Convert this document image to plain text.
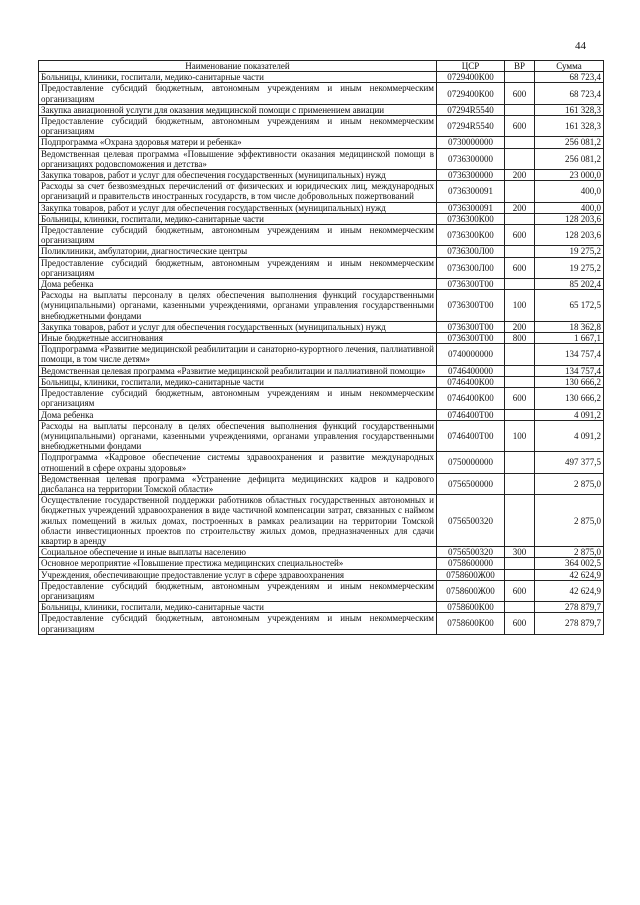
44
Наименование показателей	ЦСР	ВР	Сумма
Больницы, клиники, госпитали, медико-санитарные части	0729400К00		68 723,4
Предоставление субсидий бюджетным, автономным учреждениям и иным некоммерческим организациям	0729400К00	600	68 723,4
Закупка авиационной услуги для оказания медицинской помощи с применением авиации	07294R5540		161 328,3
Предоставление субсидий бюджетным, автономным учреждениям и иным некоммерческим организациям	07294R5540	600	161 328,3
Подпрограмма «Охрана здоровья матери и ребенка»	0730000000		256 081,2
Ведомственная целевая программа «Повышение эффективности оказания медицинской помощи в организациях родовспоможения и детства»	0736300000		256 081,2
Закупка товаров, работ и услуг для обеспечения государственных (муниципальных) нужд	0736300000	200	23 000,0
Расходы за счет безвозмездных перечислений от физических и юридических лиц, международных организаций и правительств иностранных государств, в том числе добровольных пожертвований	0736300091		400,0
Закупка товаров, работ и услуг для обеспечения государственных (муниципальных) нужд	0736300091	200	400,0
Больницы, клиники, госпитали, медико-санитарные части	0736300К00		128 203,6
Предоставление субсидий бюджетным, автономным учреждениям и иным некоммерческим организациям	0736300К00	600	128 203,6
Поликлиники, амбулатории, диагностические центры	0736300Л00		19 275,2
Предоставление субсидий бюджетным, автономным учреждениям и иным некоммерческим организациям	0736300Л00	600	19 275,2
Дома ребенка	0736300Т00		85 202,4
Расходы на выплаты персоналу в целях обеспечения выполнения функций государственными (муниципальными) органами, казенными учреждениями, органами управления государственными внебюджетными фондами	0736300Т00	100	65 172,5
Закупка товаров, работ и услуг для обеспечения государственных (муниципальных) нужд	0736300Т00	200	18 362,8
Иные бюджетные ассигнования	0736300Т00	800	1 667,1
Подпрограмма «Развитие медицинской реабилитации и санаторно-курортного лечения, паллиативной помощи, в том числе детям»	0740000000		134 757,4
Ведомственная целевая программа «Развитие медицинской реабилитации и паллиативной помощи»	0746400000		134 757,4
Больницы, клиники, госпитали, медико-санитарные части	0746400К00		130 666,2
Предоставление субсидий бюджетным, автономным учреждениям и иным некоммерческим организациям	0746400К00	600	130 666,2
Дома ребенка	0746400Т00		4 091,2
Расходы на выплаты персоналу в целях обеспечения выполнения функций государственными (муниципальными) органами, казенными учреждениями, органами управления государственными внебюджетными фондами	0746400Т00	100	4 091,2
Подпрограмма «Кадровое обеспечение системы здравоохранения и развитие международных отношений в сфере охраны здоровья»	0750000000		497 377,5
Ведомственная целевая программа «Устранение дефицита медицинских кадров и кадрового дисбаланса на территории Томской области»	0756500000		2 875,0
Осуществление государственной поддержки работников областных государственных автономных и бюджетных учреждений здравоохранения в виде частичной компенсации затрат, связанных с наймом жилых помещений в жилых домах, построенных в рамках реализации на территории Томской области инвестиционных проектов по строительству жилых домов, предназначенных для сдачи квартир в аренду	0756500320		2 875,0
Социальное обеспечение и иные выплаты населению	0756500320	300	2 875,0
Основное мероприятие «Повышение престижа медицинских специальностей»	0758600000		364 002,5
Учреждения, обеспечивающие предоставление услуг в сфере здравоохранения	0758600Ж00		42 624,9
Предоставление субсидий бюджетным, автономным учреждениям и иным некоммерческим организациям	0758600Ж00	600	42 624,9
Больницы, клиники, госпитали, медико-санитарные части	0758600К00		278 879,7
Предоставление субсидий бюджетным, автономным учреждениям и иным некоммерческим организациям	0758600К00	600	278 879,7
